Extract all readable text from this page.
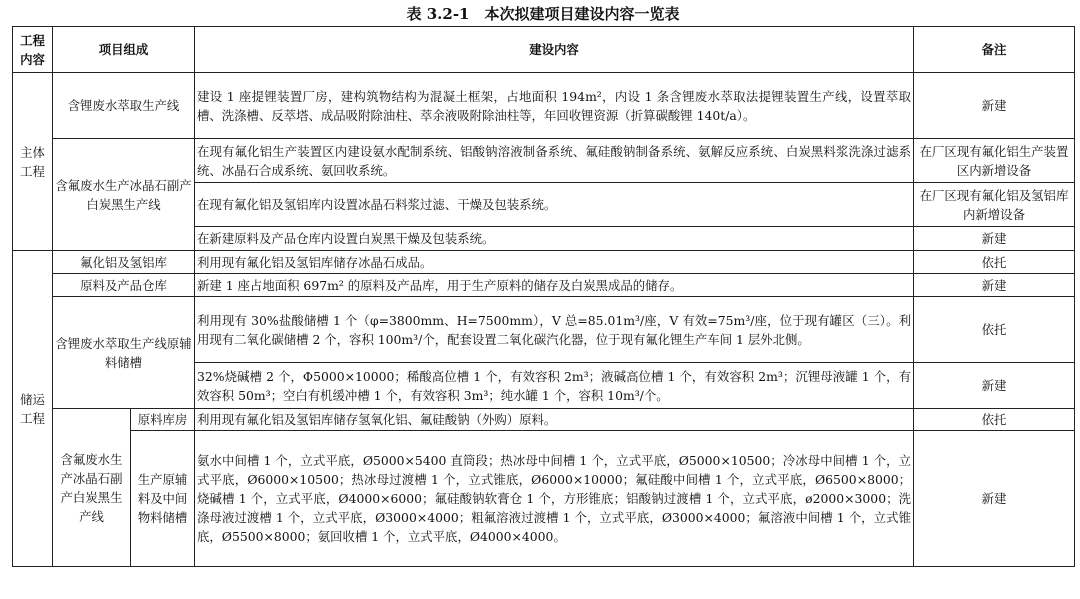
表 3.2-1　本次拟建项目建设内容一览表
工程内容	项目组成		建设内容	备注
主体工程	含锂废水萃取生产线		建设 1 座提锂装置厂房，建构筑物结构为混凝土框架，占地面积 194m²，内设 1 条含锂废水萃取法提锂装置生产线，设置萃取槽、洗涤槽、反萃塔、成品吸附除油柱、萃余液吸附除油柱等，年回收锂资源（折算碳酸锂 140t/a）。	新建
	含氟废水生产冰晶石副产白炭黑生产线		在现有氟化铝生产装置区内建设氨水配制系统、铝酸钠溶液制备系统、氟硅酸钠制备系统、氨解反应系统、白炭黑料浆洗涤过滤系统、冰晶石合成系统、氨回收系统。	在厂区现有氟化铝生产装置区内新增设备
			在现有氟化铝及氢铝库内设置冰晶石料浆过滤、干燥及包装系统。	在厂区现有氟化铝及氢铝库内新增设备
			在新建原料及产品仓库内设置白炭黑干燥及包装系统。	新建
储运工程	氟化铝及氢铝库		利用现有氟化铝及氢铝库储存冰晶石成品。	依托
	原料及产品仓库		新建 1 座占地面积 697m² 的原料及产品库，用于生产原料的储存及白炭黑成品的储存。	新建
	含锂废水萃取生产线原辅料储槽		利用现有 30%盐酸储槽 1 个（φ=3800mm、H=7500mm），V 总=85.01m³/座，V 有效=75m³/座，位于现有罐区（三）。利用现有二氧化碳储槽 2 个，容积 100m³/个，配套设置二氧化碳汽化器，位于现有氟化锂生产车间 1 层外北侧。	依托
			32%烧碱槽 2 个，Φ5000×10000；稀酸高位槽 1 个，有效容积 2m³；液碱高位槽 1 个，有效容积 2m³；沉锂母液罐 1 个，有效容积 50m³；空白有机缓冲槽 1 个，有效容积 3m³；纯水罐 1 个，容积 10m³/个。	新建
	含氟废水生产冰晶石副产白炭黑生产线	原料库房	利用现有氟化铝及氢铝库储存氢氧化铝、氟硅酸钠（外购）原料。	依托
		生产原辅料及中间物料储槽	氨水中间槽 1 个，立式平底，Ø5000×5400 直筒段；热冰母中间槽 1 个，立式平底，Ø5000×10500；冷冰母中间槽 1 个，立式平底，Ø6000×10500；热冰母过渡槽 1 个，立式锥底，Ø6000×10000；氟硅酸中间槽 1 个，立式平底，Ø6500×8000；烧碱槽 1 个，立式平底，Ø4000×6000；氟硅酸钠软膏仓 1 个，方形锥底；铝酸钠过渡槽 1 个，立式平底，ø2000×3000；洗涤母液过渡槽 1 个，立式平底，Ø3000×4000；粗氟溶液过渡槽 1 个，立式平底，Ø3000×4000；氟溶液中间槽 1 个，立式锥底，Ø5500×8000；氨回收槽 1 个，立式平底，Ø4000×4000。	新建
